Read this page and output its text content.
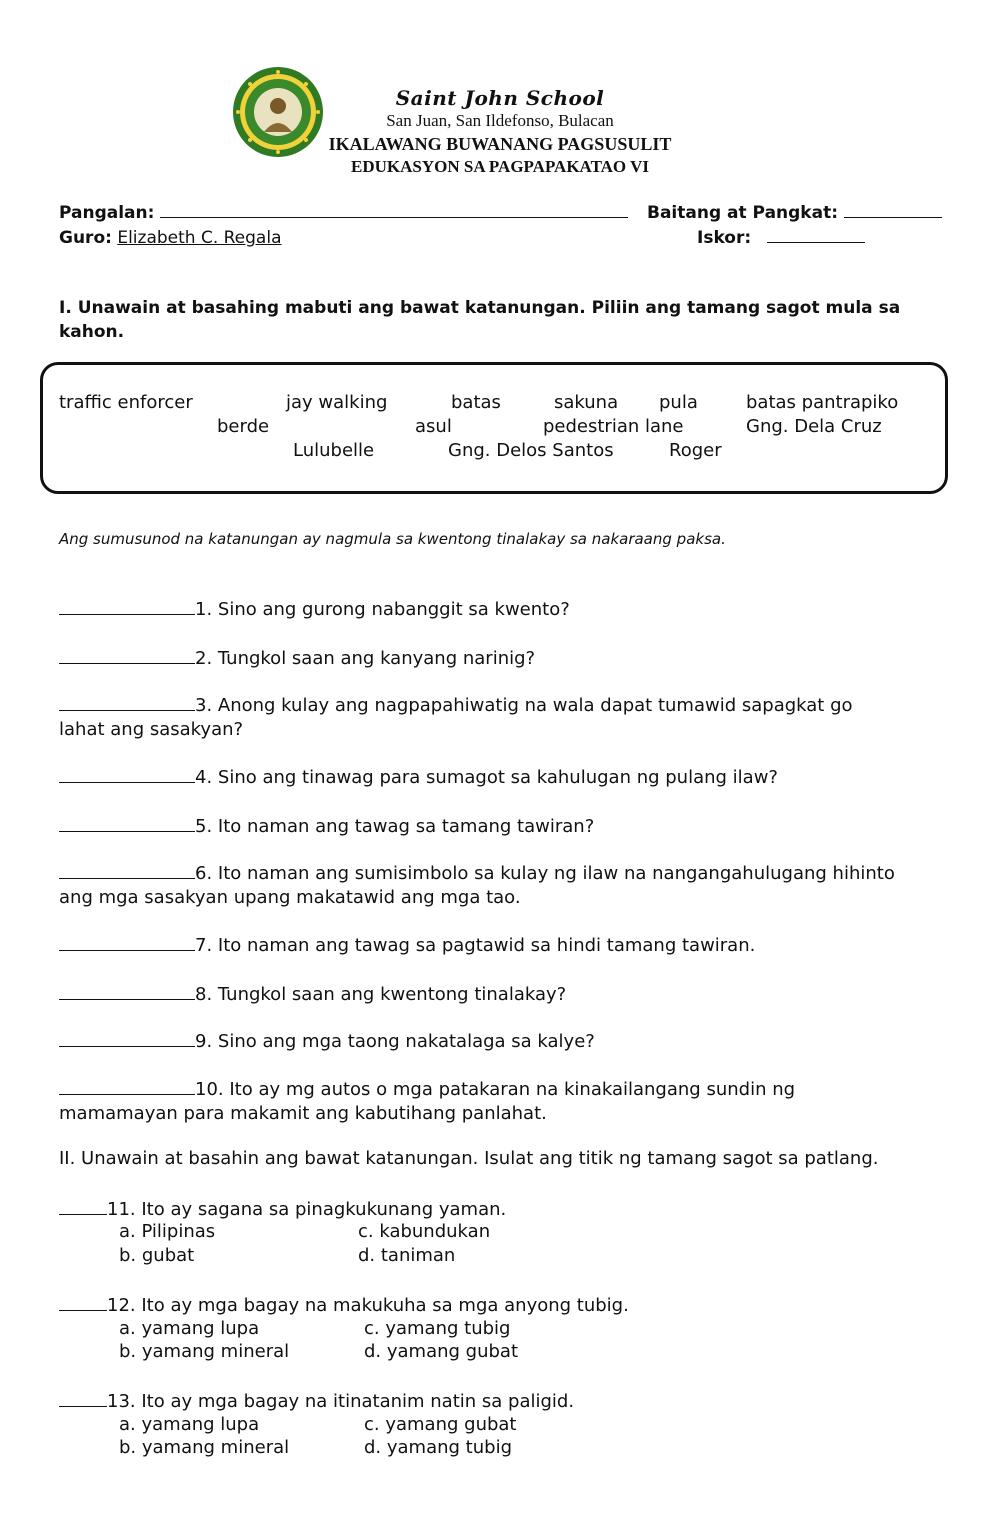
Saint John School
San Juan, San Ildefonso, Bulacan
IKALAWANG BUWANANG PAGSUSULIT
EDUKASYON SA PAGPAPAKATAO VI
Pangalan:	Baitang at Pangkat:
Guro: Elizabeth C. Regala	Iskor:
I. Unawain at basahing mabuti ang bawat katanungan. Piliin ang tamang sagot mula sa kahon.
traffic enforcer	jay walking	batas	sakuna pula	batas pantrapiko
berde	asul	pedestrian lane	Gng. Dela Cruz
Lulubelle	Gng. Delos Santos	Roger
Ang sumusunod na katanungan ay nagmula sa kwentong tinalakay sa nakaraang paksa.
1. Sino ang gurong nabanggit sa kwento?
2. Tungkol saan ang kanyang narinig?
3. Anong kulay ang nagpapahiwatig na wala dapat tumawid sapagkat go
lahat ang sasakyan?
4. Sino ang tinawag para sumagot sa kahulugan ng pulang ilaw?
5. Ito naman ang tawag sa tamang tawiran?
6. Ito naman ang sumisimbolo sa kulay ng ilaw na nangangahulugang hihinto
ang mga sasakyan upang makatawid ang mga tao.
7. Ito naman ang tawag sa pagtawid sa hindi tamang tawiran.
8. Tungkol saan ang kwentong tinalakay?
9. Sino ang mga taong nakatalaga sa kalye?
10. Ito ay mg autos o mga patakaran na kinakailangang sundin ng
mamamayan para makamit ang kabutihang panlahat.
II. Unawain at basahin ang bawat katanungan. Isulat ang titik ng tamang sagot sa patlang.
11. Ito ay sagana sa pinagkukunang yaman.
a. Pilipinas	c. kabundukan
b. gubat	d. taniman
12. Ito ay mga bagay na makukuha sa mga anyong tubig.
a. yamang lupa	c. yamang tubig
b. yamang mineral	d. yamang gubat
13. Ito ay mga bagay na itinatanim natin sa paligid.
a. yamang lupa	c. yamang gubat
b. yamang mineral	d. yamang tubig
